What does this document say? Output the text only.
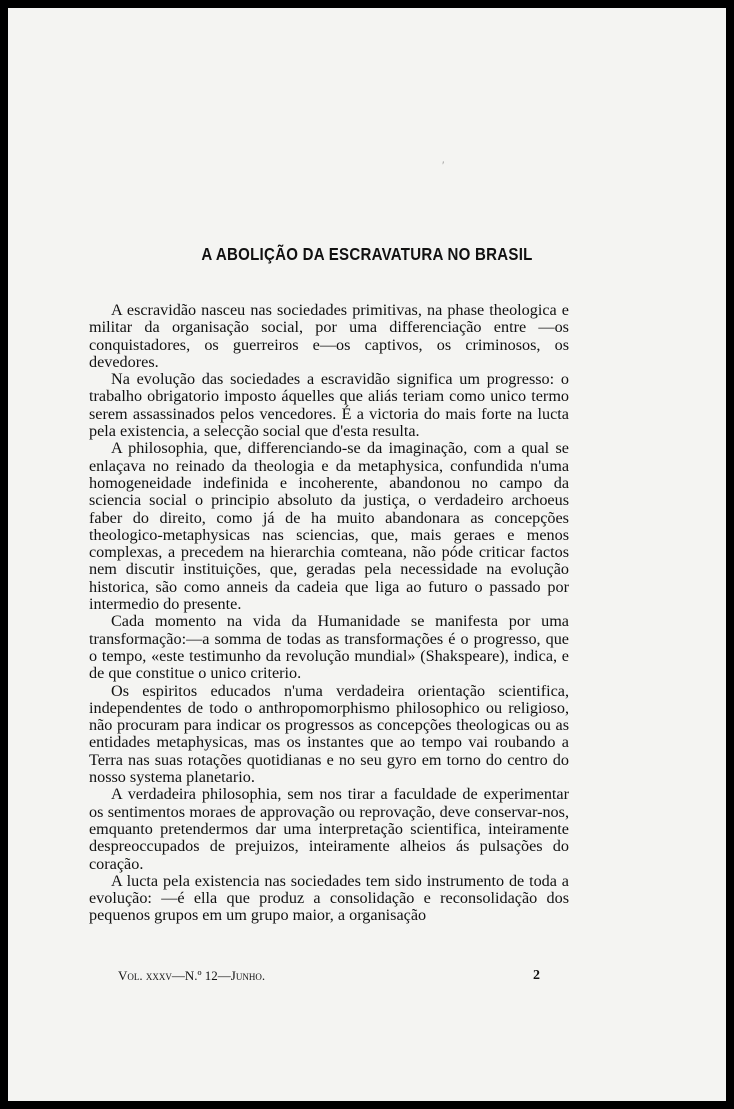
′
A ABOLIÇÃO DA ESCRAVATURA NO BRASIL

A escravidão nasceu nas sociedades primitivas, na phase theologica e militar da organisação social, por uma differenciação entre —os conquistadores, os guerreiros e—os captivos, os criminosos, os devedores.

Na evolução das sociedades a escravidão significa um progresso: o trabalho obrigatorio imposto áquelles que aliás teriam como unico termo serem assassinados pelos vencedores. É a victoria do mais forte na lucta pela existencia, a selecção social que d'esta resulta.

A philosophia, que, differenciando-se da imaginação, com a qual se enlaçava no reinado da theologia e da metaphysica, confundida n'uma homogeneidade indefinida e incoherente, abandonou no campo da sciencia social o principio absoluto da justiça, o verdadeiro archoeus faber do direito, como já de ha muito abandonara as concepções theologico-metaphysicas nas sciencias, que, mais geraes e menos complexas, a precedem na hierarchia comteana, não póde criticar factos nem discutir instituições, que, geradas pela necessidade na evolução historica, são como anneis da cadeia que liga ao futuro o passado por intermedio do presente.

Cada momento na vida da Humanidade se manifesta por uma transformação:—a somma de todas as transformações é o progresso, que o tempo, «este testimunho da revolução mundial» (Shakspeare), indica, e de que constitue o unico criterio.

Os espiritos educados n'uma verdadeira orientação scientifica, independentes de todo o anthropomorphismo philosophico ou religioso, não procuram para indicar os progressos as concepções theologicas ou as entidades metaphysicas, mas os instantes que ao tempo vai roubando a Terra nas suas rotações quotidianas e no seu gyro em torno do centro do nosso systema planetario.

A verdadeira philosophia, sem nos tirar a faculdade de experimentar os sentimentos moraes de approvação ou reprovação, deve conservar-nos, emquanto pretendermos dar uma interpretação scientifica, inteiramente despreoccupados de prejuizos, inteiramente alheios ás pulsações do coração.

A lucta pela existencia nas sociedades tem sido instrumento de toda a evolução: —é ella que produz a consolidação e reconsolidação dos pequenos grupos em um grupo maior, a organisação

Vol. xxxv—N.º 12—Junho.	2
